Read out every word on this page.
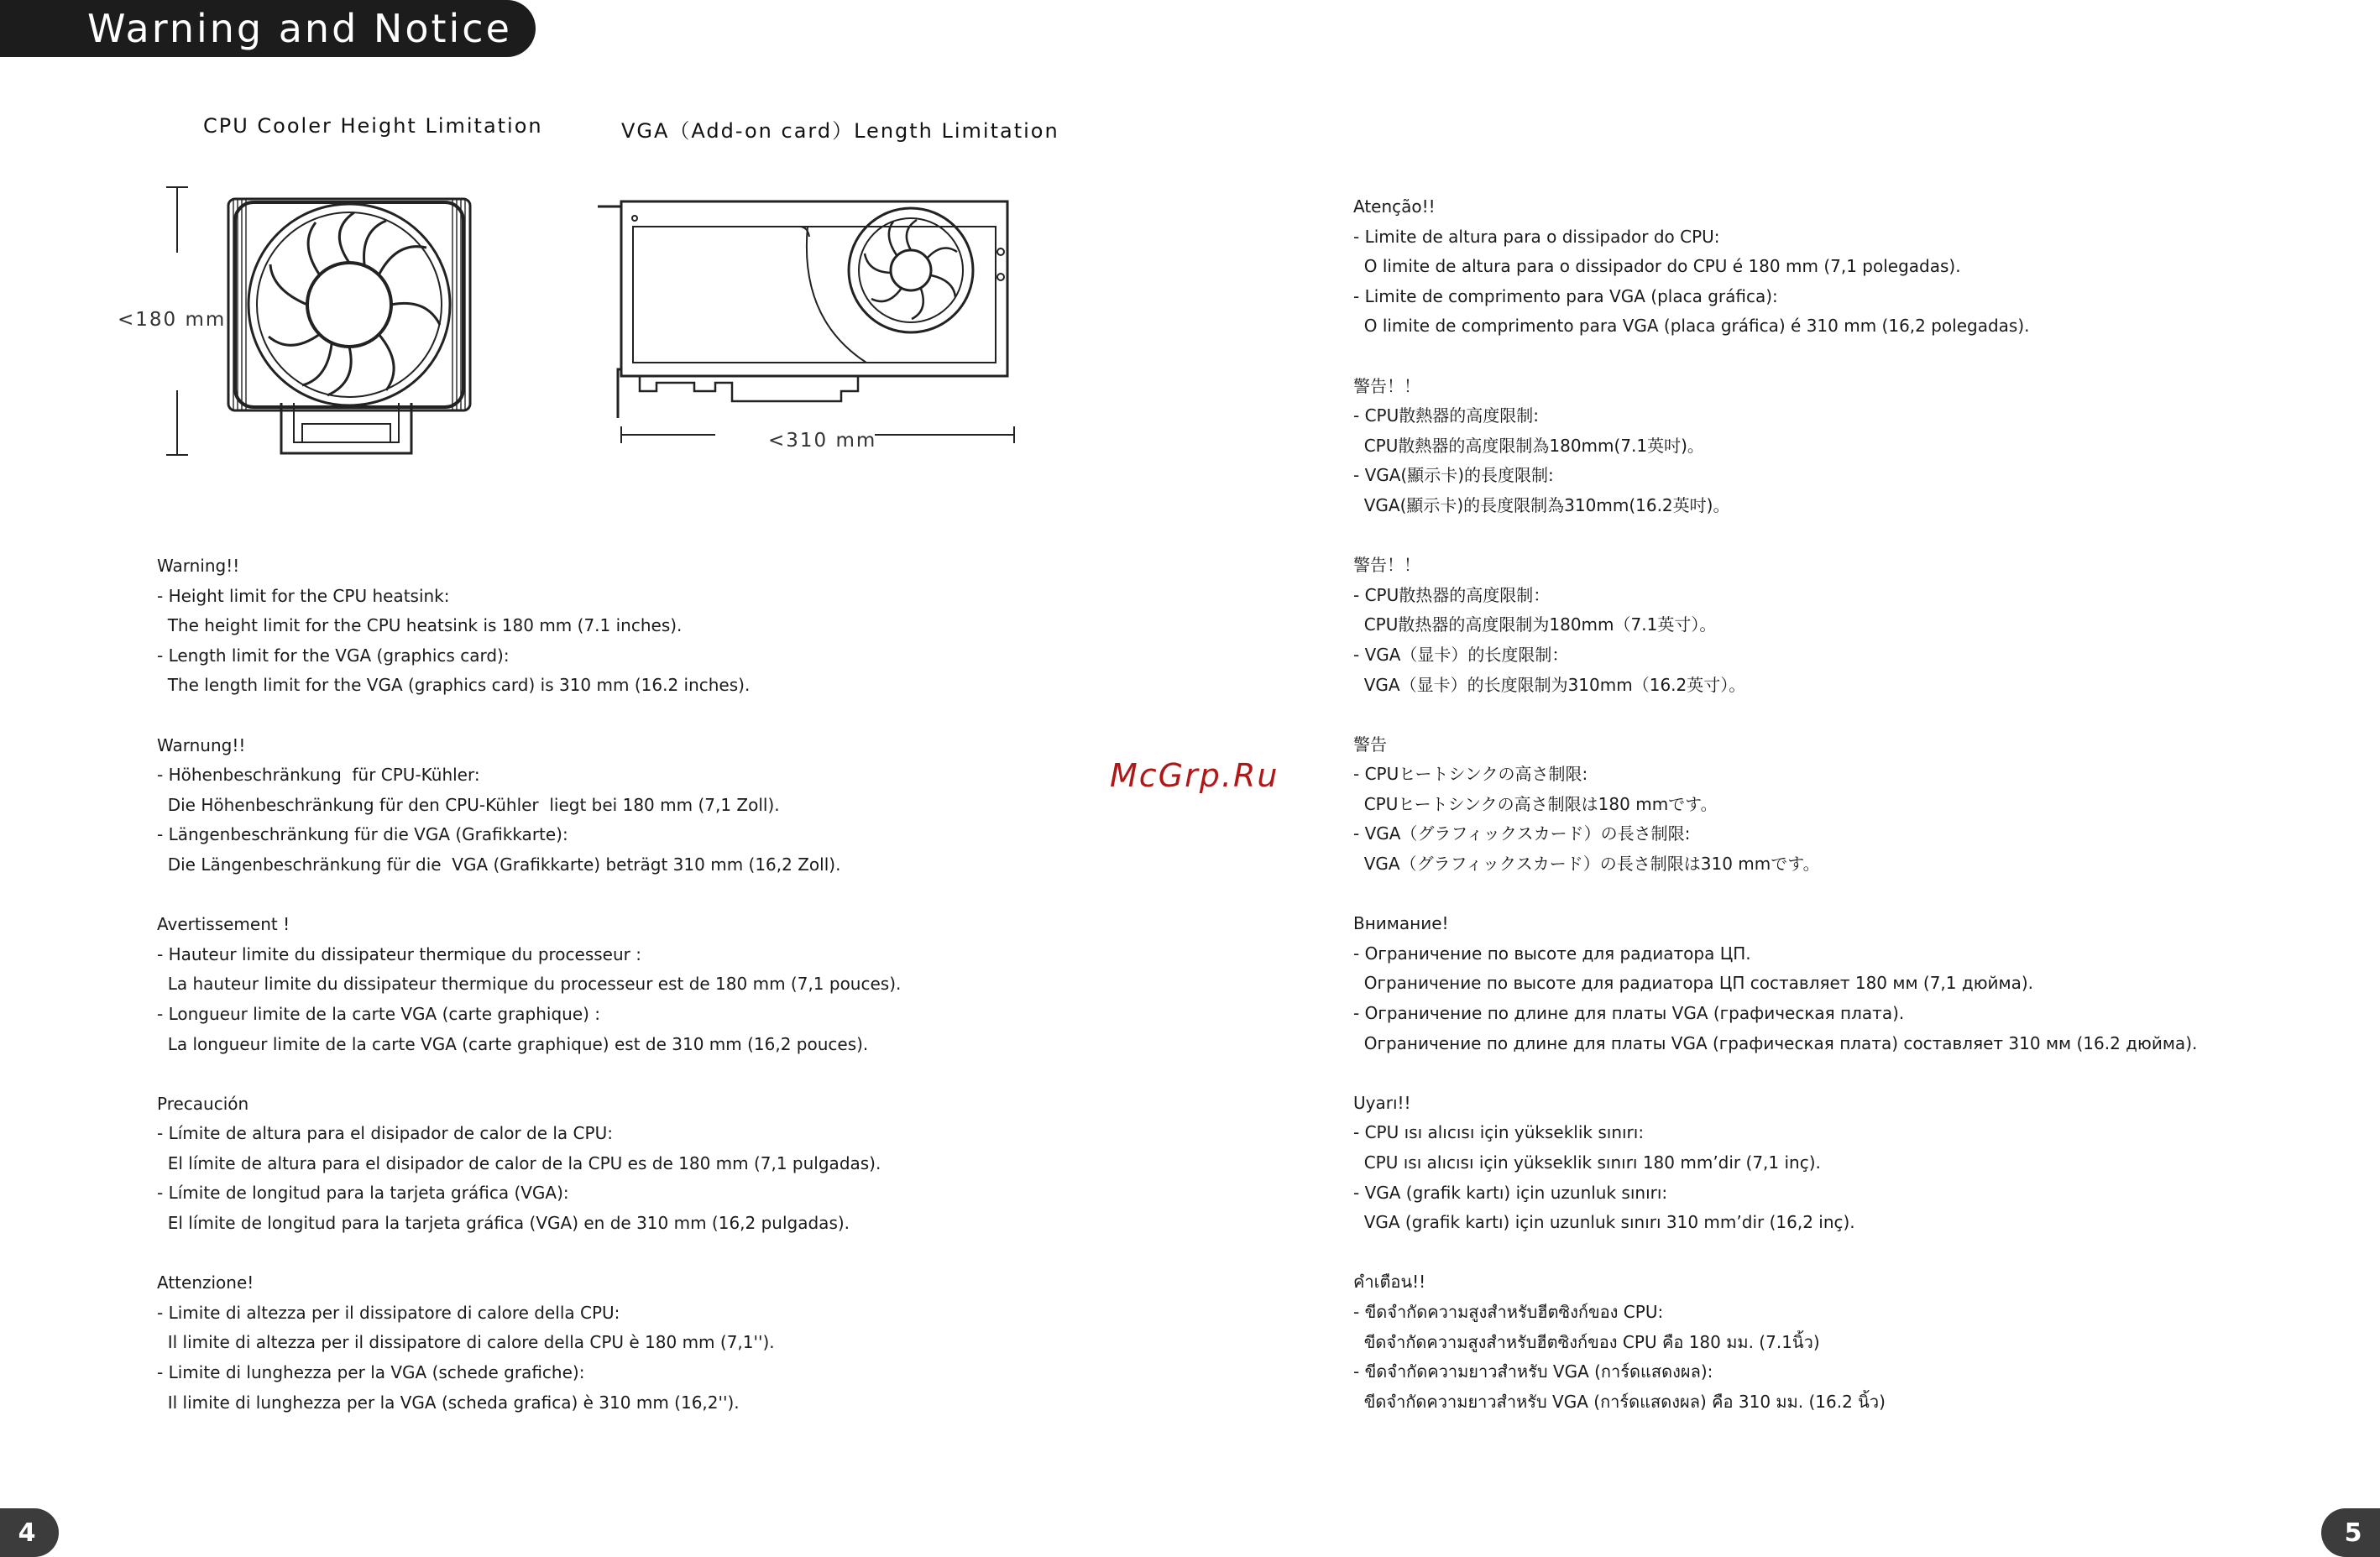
Warning and Notice
CPU Cooler Height Limitation	VGA（Add-on card）Length Limitation
<180 mm
<310 mm
Warning!!
- Height limit for the CPU heatsink:
The height limit for the CPU heatsink is 180 mm (7.1 inches).
- Length limit for the VGA (graphics card):
The length limit for the VGA (graphics card) is 310 mm (16.2 inches).
Warnung!!
- Höhenbeschränkung  für CPU-Kühler:
Die Höhenbeschränkung für den CPU-Kühler  liegt bei 180 mm (7,1 Zoll).
- Längenbeschränkung für die VGA (Grafikkarte):
Die Längenbeschränkung für die  VGA (Grafikkarte) beträgt 310 mm (16,2 Zoll).
Avertissement !
- Hauteur limite du dissipateur thermique du processeur :
La hauteur limite du dissipateur thermique du processeur est de 180 mm (7,1 pouces).
- Longueur limite de la carte VGA (carte graphique) :
La longueur limite de la carte VGA (carte graphique) est de 310 mm (16,2 pouces).
Precaución
- Límite de altura para el disipador de calor de la CPU:
El límite de altura para el disipador de calor de la CPU es de 180 mm (7,1 pulgadas).
- Límite de longitud para la tarjeta gráfica (VGA):
El límite de longitud para la tarjeta gráfica (VGA) en de 310 mm (16,2 pulgadas).
Attenzione!
- Limite di altezza per il dissipatore di calore della CPU:
Il limite di altezza per il dissipatore di calore della CPU è 180 mm (7,1'').
- Limite di lunghezza per la VGA (schede grafiche):
Il limite di lunghezza per la VGA (scheda grafica) è 310 mm (16,2'').
Atenção!!
- Limite de altura para o dissipador do CPU:
O limite de altura para o dissipador do CPU é 180 mm (7,1 polegadas).
- Limite de comprimento para VGA (placa gráfica):
O limite de comprimento para VGA (placa gráfica) é 310 mm (16,2 polegadas).
警告！！
- CPU散熱器的高度限制:
CPU散熱器的高度限制為180mm(7.1英吋)。
- VGA(顯示卡)的長度限制:
VGA(顯示卡)的長度限制為310mm(16.2英吋)。
警告！！
- CPU散热器的高度限制：
CPU散热器的高度限制为180mm（7.1英寸）。
- VGA（显卡）的长度限制：
VGA（显卡）的长度限制为310mm（16.2英寸）。
警告
- CPUヒートシンクの高さ制限:
CPUヒートシンクの高さ制限は180 mmです。
- VGA（グラフィックスカード）の長さ制限:
VGA（グラフィックスカード）の長さ制限は310 mmです。
Внимание!
- Ограничение по высоте для радиатора ЦП.
Ограничение по высоте для радиатора ЦП составляет 180 мм (7,1 дюйма).
- Ограничение по длине для платы VGA (графическая плата).
Ограничение по длине для платы VGA (графическая плата) составляет 310 мм (16.2 дюйма).
Uyarı!!
- CPU ısı alıcısı için yükseklik sınırı:
CPU ısı alıcısı için yükseklik sınırı 180 mm’dir (7,1 inç).
- VGA (grafik kartı) için uzunluk sınırı:
VGA (grafik kartı) için uzunluk sınırı 310 mm’dir (16,2 inç).
คำเตือน!!
- ขีดจำกัดความสูงสำหรับฮีตซิงก์ของ CPU:
ขีดจำกัดความสูงสำหรับฮีตซิงก์ของ CPU คือ 180 มม. (7.1นิ้ว)
- ขีดจำกัดความยาวสำหรับ VGA (การ์ดแสดงผล):
ขีดจำกัดความยาวสำหรับ VGA (การ์ดแสดงผล) คือ 310 มม. (16.2 นิ้ว)
McGrp.Ru
4	5
